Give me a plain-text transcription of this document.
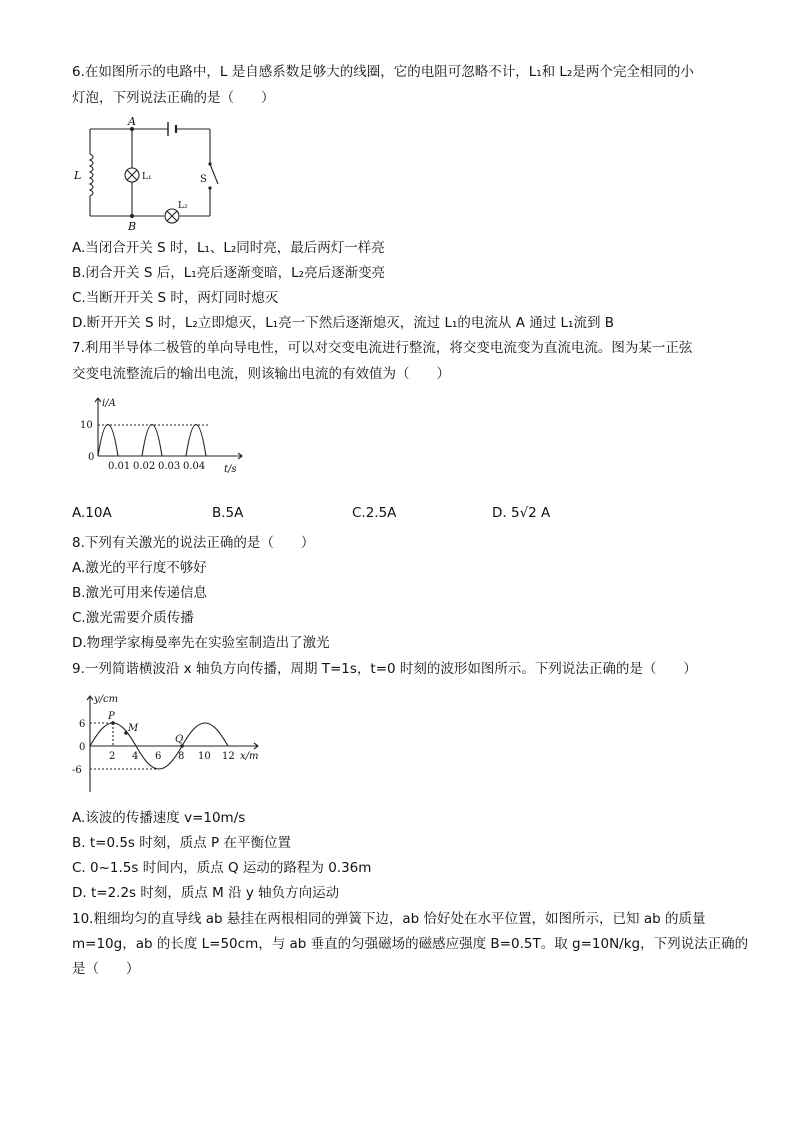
6.在如图所示的电路中，L 是自感系数足够大的线圈，它的电阻可忽略不计，L₁和 L₂是两个完全相同的小
灯泡，下列说法正确的是（　　）
A
B
L	L₁
L₂
S
A.当闭合开关 S 时，L₁、L₂同时亮，最后两灯一样亮
B.闭合开关 S 后，L₁亮后逐渐变暗，L₂亮后逐渐变亮
C.当断开开关 S 时，两灯同时熄灭
D.断开开关 S 时，L₂立即熄灭，L₁亮一下然后逐渐熄灭，流过 L₁的电流从 A 通过 L₁流到 B
7.利用半导体二极管的单向导电性，可以对交变电流进行整流，将交变电流变为直流电流。图为某一正弦
交变电流整流后的输出电流，则该输出电流的有效值为（　　）
i/A
10
0
0.01 0.02 0.03 0.04 t/s
A.10A	B.5A	C.2.5A	D. 5√2 A
8.下列有关激光的说法正确的是（　　）
A.激光的平行度不够好
B.激光可用来传递信息
C.激光需要介质传播
D.物理学家梅曼率先在实验室制造出了激光
9.一列简谐横波沿 x 轴负方向传播，周期 T=1s，t=0 时刻的波形如图所示。下列说法正确的是（　　）
y/cm
6
0
-6
2 4 6 8 10 12 x/m
P
M
Q
A.该波的传播速度 v=10m/s
B. t=0.5s 时刻，质点 P 在平衡位置
C. 0~1.5s 时间内，质点 Q 运动的路程为 0.36m
D. t=2.2s 时刻，质点 M 沿 y 轴负方向运动
10.粗细均匀的直导线 ab 悬挂在两根相同的弹簧下边，ab 恰好处在水平位置，如图所示，已知 ab 的质量
m=10g，ab 的长度 L=50cm，与 ab 垂直的匀强磁场的磁感应强度 B=0.5T。取 g=10N/kg，下列说法正确的
是（　　）
